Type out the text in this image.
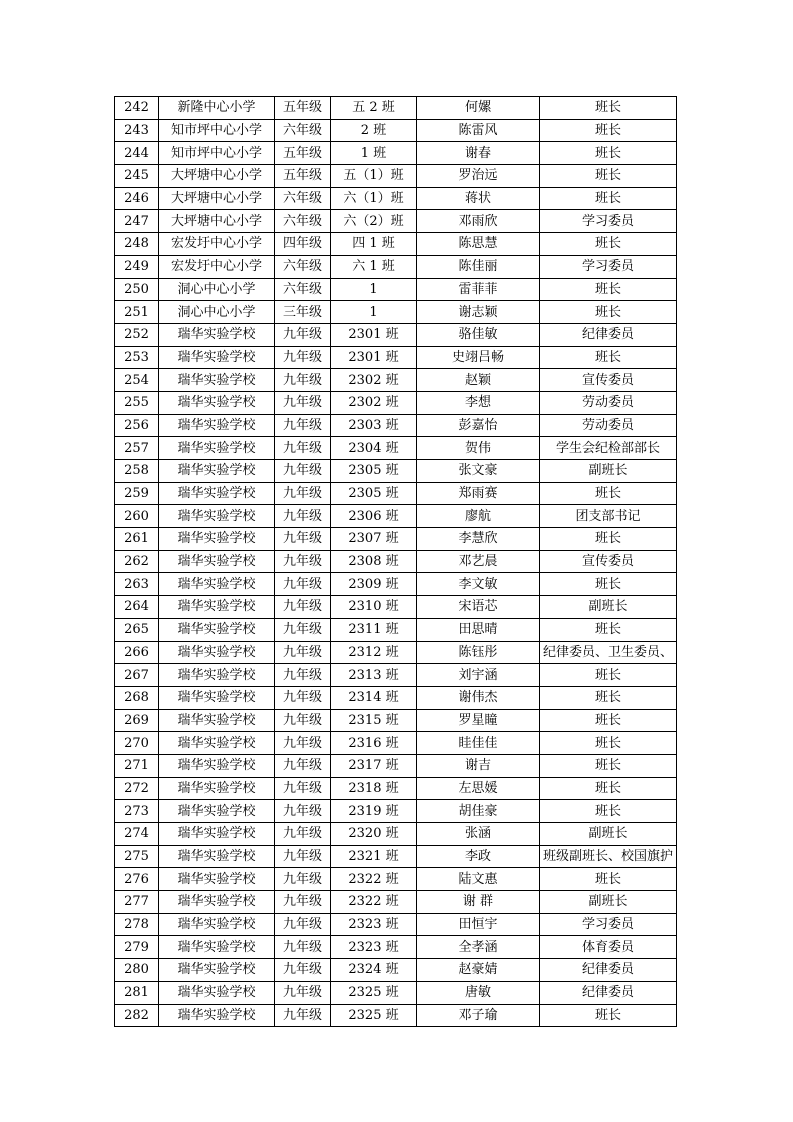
242	新隆中心小学	五年级	五 2 班	何嫘	班长
243	知市坪中心小学	六年级	2 班	陈雷风	班长
244	知市坪中心小学	五年级	1 班	谢春	班长
245	大坪塘中心小学	五年级	五（1）班	罗治远	班长
246	大坪塘中心小学	六年级	六（1）班	蒋状	班长
247	大坪塘中心小学	六年级	六（2）班	邓雨欣	学习委员
248	宏发圩中心小学	四年级	四 1 班	陈思慧	班长
249	宏发圩中心小学	六年级	六 1 班	陈佳丽	学习委员
250	洞心中心小学	六年级	1	雷菲菲	班长
251	洞心中心小学	三年级	1	谢志颖	班长
252	瑞华实验学校	九年级	2301 班	骆佳敏	纪律委员
253	瑞华实验学校	九年级	2301 班	史翊吕畅	班长
254	瑞华实验学校	九年级	2302 班	赵颖	宣传委员
255	瑞华实验学校	九年级	2302 班	李想	劳动委员
256	瑞华实验学校	九年级	2303 班	彭嘉怡	劳动委员
257	瑞华实验学校	九年级	2304 班	贺伟	学生会纪检部部长
258	瑞华实验学校	九年级	2305 班	张文豪	副班长
259	瑞华实验学校	九年级	2305 班	郑雨赛	班长
260	瑞华实验学校	九年级	2306 班	廖航	团支部书记
261	瑞华实验学校	九年级	2307 班	李慧欣	班长
262	瑞华实验学校	九年级	2308 班	邓艺晨	宣传委员
263	瑞华实验学校	九年级	2309 班	李文敏	班长
264	瑞华实验学校	九年级	2310 班	宋语芯	副班长
265	瑞华实验学校	九年级	2311 班	田思晴	班长
266	瑞华实验学校	九年级	2312 班	陈钰彤	纪律委员、卫生委员、
267	瑞华实验学校	九年级	2313 班	刘宇涵	班长
268	瑞华实验学校	九年级	2314 班	谢伟杰	班长
269	瑞华实验学校	九年级	2315 班	罗星瞳	班长
270	瑞华实验学校	九年级	2316 班	眭佳佳	班长
271	瑞华实验学校	九年级	2317 班	谢吉	班长
272	瑞华实验学校	九年级	2318 班	左思媛	班长
273	瑞华实验学校	九年级	2319 班	胡佳豪	班长
274	瑞华实验学校	九年级	2320 班	张涵	副班长
275	瑞华实验学校	九年级	2321 班	李政	班级副班长、校国旗护
276	瑞华实验学校	九年级	2322 班	陆文惠	班长
277	瑞华实验学校	九年级	2322 班	谢 群	副班长
278	瑞华实验学校	九年级	2323 班	田恒宇	学习委员
279	瑞华实验学校	九年级	2323 班	全孝涵	体育委员
280	瑞华实验学校	九年级	2324 班	赵豪婧	纪律委员
281	瑞华实验学校	九年级	2325 班	唐敏	纪律委员
282	瑞华实验学校	九年级	2325 班	邓子瑜	班长
